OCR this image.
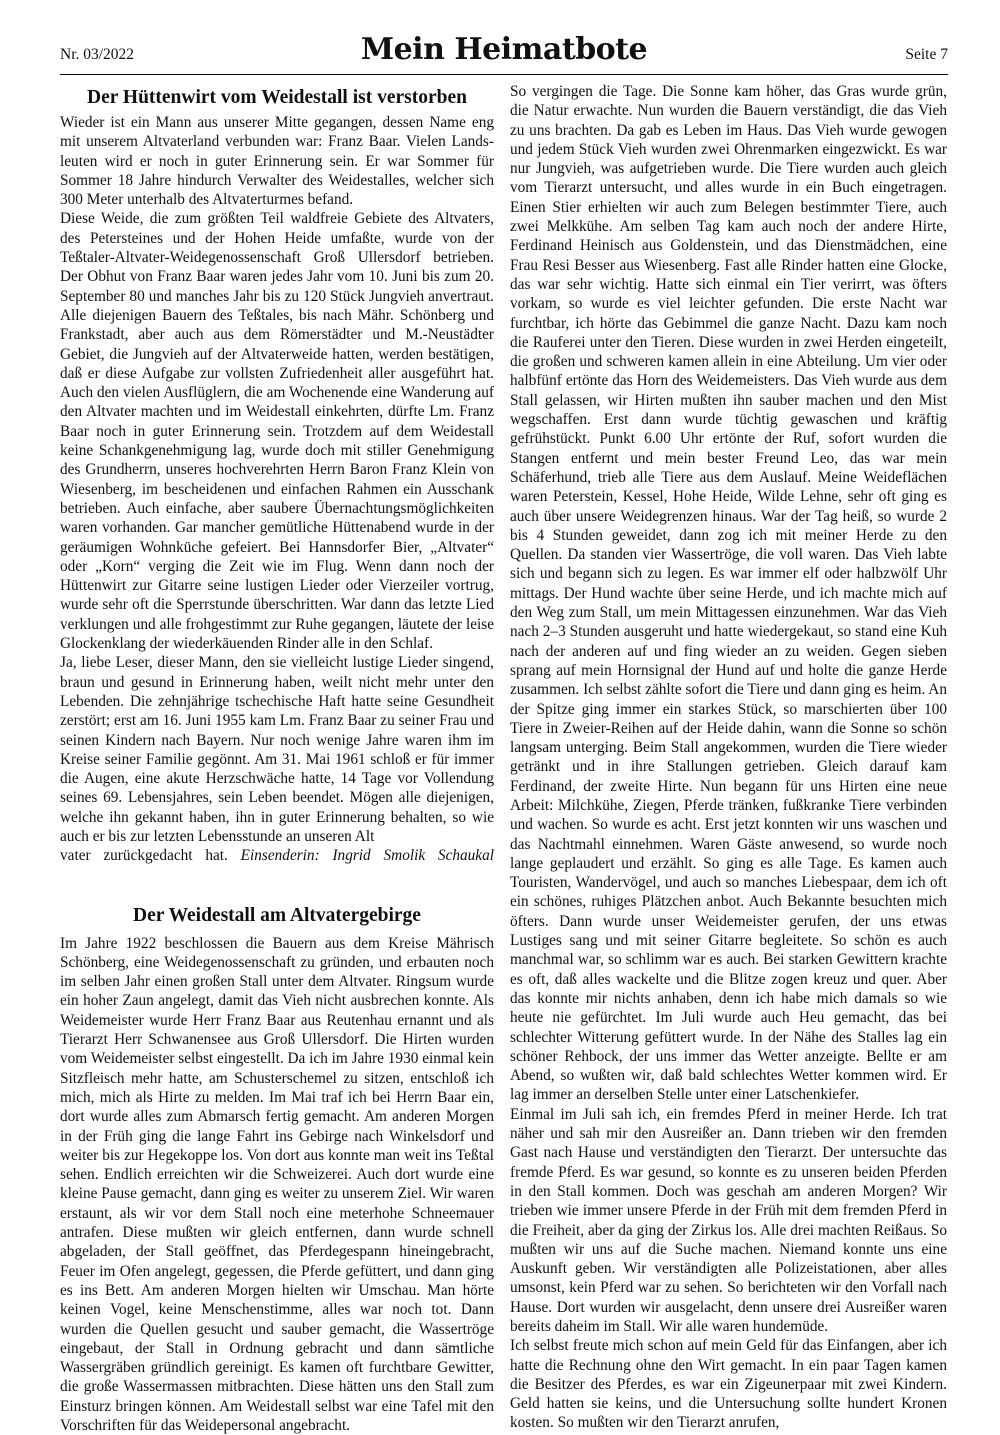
Nr. 03/2022	Mein Heimatbote	Seite 7
Der Hüttenwirt vom Weidestall ist verstorben

Wieder ist ein Mann aus unserer Mitte gegangen, dessen Name eng mit unserem Altvaterland verbunden war: Franz Baar. Vielen Landsleuten wird er noch in guter Erinnerung sein. Er war Sommer für Sommer 18 Jahre hindurch Verwalter des Weidestalles, welcher sich 300 Meter unterhalb des Altvaterturmes befand.

Diese Weide, die zum größten Teil waldfreie Gebiete des Altvaters, des Petersteines und der Hohen Heide umfaßte, wurde von der Teßtaler-Altvater-Weidegenossenschaft Groß Ullersdorf betrieben. Der Obhut von Franz Baar waren jedes Jahr vom 10. Juni bis zum 20. September 80 und manches Jahr bis zu 120 Stück Jungvieh anvertraut. Alle diejenigen Bauern des Teßtales, bis nach Mähr. Schönberg und Frankstadt, aber auch aus dem Römerstädter und M.-Neustädter Gebiet, die Jungvieh auf der Altvaterweide hatten, werden bestätigen, daß er diese Aufgabe zur vollsten Zufriedenheit aller ausgeführt hat. Auch den vielen Ausflüglern, die am Wochenende eine Wanderung auf den Altvater machten und im Weidestall einkehrten, dürfte Lm. Franz Baar noch in guter Erinnerung sein. Trotzdem auf dem Weidestall keine Schankgenehmigung lag, wurde doch mit stiller Genehmigung des Grundherrn, unseres hochverehrten Herrn Baron Franz Klein von Wiesenberg, im bescheidenen und einfachen Rahmen ein Ausschank betrieben. Auch einfache, aber saubere Übernachtungsmöglichkeiten waren vorhanden. Gar mancher gemütliche Hüttenabend wurde in der geräumigen Wohnküche gefeiert. Bei Hannsdorfer Bier, „Altvater“ oder „Korn“ verging die Zeit wie im Flug. Wenn dann noch der Hüttenwirt zur Gitarre seine lustigen Lieder oder Vierzeiler vortrug, wurde sehr oft die Sperrstunde überschritten. War dann das letzte Lied verklungen und alle frohgestimmt zur Ruhe gegangen, läutete der leise Glockenklang der wiederkäuenden Rinder alle in den Schlaf.

Ja, liebe Leser, dieser Mann, den sie vielleicht lustige Lieder singend, braun und gesund in Erinnerung haben, weilt nicht mehr unter den Lebenden. Die zehnjährige tschechische Haft hatte seine Gesundheit zerstört; erst am 16. Juni 1955 kam Lm. Franz Baar zu seiner Frau und seinen Kindern nach Bayern. Nur noch wenige Jahre waren ihm im Kreise seiner Familie gegönnt. Am 31. Mai 1961 schloß er für immer die Augen, eine akute Herzschwäche hatte, 14 Tage vor Vollendung seines 69. Lebensjahres, sein Leben beendet. Mögen alle diejenigen, welche ihn gekannt haben, ihn in guter Erinnerung behalten, so wie auch er bis zur letzten Lebensstunde an unseren Alt

vater zurückgedacht hat. Einsenderin: Ingrid Smolik Schaukal

Der Weidestall am Altvatergebirge

Im Jahre 1922 beschlossen die Bauern aus dem Kreise Mährisch Schönberg, eine Weidegenossenschaft zu gründen, und erbauten noch im selben Jahr einen großen Stall unter dem Altvater. Ringsum wurde ein hoher Zaun angelegt, damit das Vieh nicht ausbrechen konnte. Als Weidemeister wurde Herr Franz Baar aus Reutenhau ernannt und als Tierarzt Herr Schwanensee aus Groß Ullersdorf. Die Hirten wurden vom Weidemeister selbst eingestellt. Da ich im Jahre 1930 einmal kein Sitzfleisch mehr hatte, am Schusterschemel zu sitzen, entschloß ich mich, mich als Hirte zu melden. Im Mai traf ich bei Herrn Baar ein, dort wurde alles zum Abmarsch fertig gemacht. Am anderen Morgen in der Früh ging die lange Fahrt ins Gebirge nach Winkelsdorf und weiter bis zur Hegekoppe los. Von dort aus konnte man weit ins Teßtal sehen. Endlich erreichten wir die Schweizerei. Auch dort wurde eine kleine Pause gemacht, dann ging es weiter zu unserem Ziel. Wir waren erstaunt, als wir vor dem Stall noch eine meterhohe Schneemauer antrafen. Diese mußten wir gleich entfernen, dann wurde schnell abgeladen, der Stall geöffnet, das Pferdegespann hineingebracht, Feuer im Ofen angelegt, gegessen, die Pferde gefüttert, und dann ging es ins Bett. Am anderen Morgen hielten wir Umschau. Man hörte keinen Vogel, keine Menschenstimme, alles war noch tot. Dann wurden die Quellen gesucht und sauber gemacht, die Wassertröge eingebaut, der Stall in Ordnung gebracht und dann sämtliche Wassergräben gründlich gereinigt. Es kamen oft furchtbare Gewitter, die große Wassermassen mitbrachten. Diese hätten uns den Stall zum Einsturz bringen können. Am Weidestall selbst war eine Tafel mit den Vorschriften für das Weidepersonal angebracht.

So vergingen die Tage. Die Sonne kam höher, das Gras wurde grün, die Natur erwachte. Nun wurden die Bauern verständigt, die das Vieh zu uns brachten. Da gab es Leben im Haus. Das Vieh wurde gewogen und jedem Stück Vieh wurden zwei Ohrenmarken eingezwickt. Es war nur Jungvieh, was aufgetrieben wurde. Die Tiere wurden auch gleich vom Tierarzt untersucht, und alles wurde in ein Buch eingetragen. Einen Stier erhielten wir auch zum Belegen bestimmter Tiere, auch zwei Melkkühe. Am selben Tag kam auch noch der andere Hirte, Ferdinand Heinisch aus Goldenstein, und das Dienstmädchen, eine Frau Resi Besser aus Wiesenberg. Fast alle Rinder hatten eine Glocke, das war sehr wichtig. Hatte sich einmal ein Tier verirrt, was öfters vorkam, so wurde es viel leichter gefunden. Die erste Nacht war furchtbar, ich hörte das Gebimmel die ganze Nacht. Dazu kam noch die Rauferei unter den Tieren. Diese wurden in zwei Herden eingeteilt, die großen und schweren kamen allein in eine Abteilung. Um vier oder halbfünf ertönte das Horn des Weidemeisters. Das Vieh wurde aus dem Stall gelassen, wir Hirten mußten ihn sauber machen und den Mist wegschaffen. Erst dann wurde tüchtig gewaschen und kräftig gefrühstückt. Punkt 6.00 Uhr ertönte der Ruf, sofort wurden die Stangen entfernt und mein bester Freund Leo, das war mein Schäferhund, trieb alle Tiere aus dem Auslauf. Meine Weideflächen waren Peterstein, Kessel, Hohe Heide, Wilde Lehne, sehr oft ging es auch über unsere Weidegrenzen hinaus. War der Tag heiß, so wurde 2 bis 4 Stunden geweidet, dann zog ich mit meiner Herde zu den Quellen. Da standen vier Wassertröge, die voll waren. Das Vieh labte sich und begann sich zu legen. Es war immer elf oder halbzwölf Uhr mittags. Der Hund wachte über seine Herde, und ich machte mich auf den Weg zum Stall, um mein Mittagessen einzunehmen. War das Vieh nach 2–3 Stunden ausgeruht und hatte wiedergekaut, so stand eine Kuh nach der anderen auf und fing wieder an zu weiden. Gegen sieben sprang auf mein Hornsignal der Hund auf und holte die ganze Herde zusammen. Ich selbst zählte sofort die Tiere und dann ging es heim. An der Spitze ging immer ein starkes Stück, so marschierten über 100 Tiere in Zweier-Reihen auf der Heide dahin, wann die Sonne so schön langsam unterging. Beim Stall angekommen, wurden die Tiere wieder getränkt und in ihre Stallungen getrieben. Gleich darauf kam Ferdinand, der zweite Hirte. Nun begann für uns Hirten eine neue Arbeit: Milchkühe, Ziegen, Pferde tränken, fußkranke Tiere verbinden und wachen. So wurde es acht. Erst jetzt konnten wir uns waschen und das Nachtmahl einnehmen. Waren Gäste anwesend, so wurde noch lange geplaudert und erzählt. So ging es alle Tage. Es kamen auch Touristen, Wandervögel, und auch so manches Liebespaar, dem ich oft ein schönes, ruhiges Plätzchen anbot. Auch Bekannte besuchten mich öfters. Dann wurde unser Weidemeister gerufen, der uns etwas Lustiges sang und mit seiner Gitarre begleitete. So schön es auch manchmal war, so schlimm war es auch. Bei starken Gewittern krachte es oft, daß alles wackelte und die Blitze zogen kreuz und quer. Aber das konnte mir nichts anhaben, denn ich habe mich damals so wie heute nie gefürchtet. Im Juli wurde auch Heu gemacht, das bei schlechter Witterung gefüttert wurde. In der Nähe des Stalles lag ein schöner Rehbock, der uns immer das Wetter anzeigte. Bellte er am Abend, so wußten wir, daß bald schlechtes Wetter kommen wird. Er lag immer an derselben Stelle unter einer Latschenkiefer.

Einmal im Juli sah ich, ein fremdes Pferd in meiner Herde. Ich trat näher und sah mir den Ausreißer an. Dann trieben wir den fremden Gast nach Hause und verständigten den Tierarzt. Der untersuchte das fremde Pferd. Es war gesund, so konnte es zu unseren beiden Pferden in den Stall kommen. Doch was geschah am anderen Morgen? Wir trieben wie immer unsere Pferde in der Früh mit dem fremden Pferd in die Freiheit, aber da ging der Zirkus los. Alle drei machten Reißaus. So mußten wir uns auf die Suche machen. Niemand konnte uns eine Auskunft geben. Wir verständigten alle Polizeistationen, aber alles umsonst, kein Pferd war zu sehen. So berichteten wir den Vorfall nach Hause. Dort wurden wir ausgelacht, denn unsere drei Ausreißer waren bereits daheim im Stall. Wir alle waren hundemüde.

Ich selbst freute mich schon auf mein Geld für das Einfangen, aber ich hatte die Rechnung ohne den Wirt gemacht. In ein paar Tagen kamen die Besitzer des Pferdes, es war ein Zigeunerpaar mit zwei Kindern. Geld hatten sie keins, und die Untersuchung sollte hundert Kronen kosten. So mußten wir den Tierarzt anrufen,
